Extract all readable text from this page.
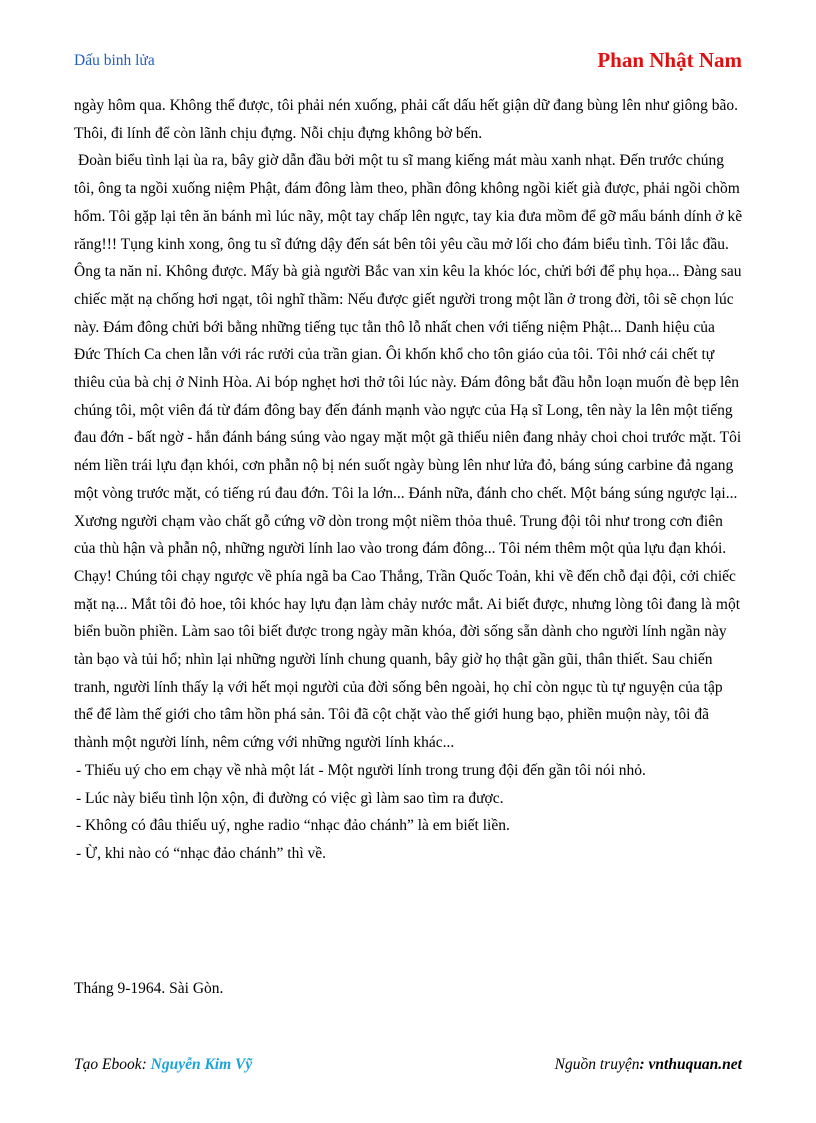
Dấu binh lửa	Phan Nhật Nam

ngày hôm qua. Không thể được, tôi phải nén xuống, phải cất dấu hết giận dữ đang bùng lên như giông bão. Thôi, đi lính để còn lãnh chịu đựng. Nỗi chịu đựng không bờ bến.

Đoàn biểu tình lại ùa ra, bây giờ dẫn đầu bởi một tu sĩ mang kiếng mát màu xanh nhạt. Đến trước chúng tôi, ông ta ngồi xuống niệm Phật, đám đông làm theo, phần đông không ngồi kiết già được, phải ngồi chồm hổm. Tôi gặp lại tên ăn bánh mì lúc nãy, một tay chấp lên ngực, tay kia đưa mồm để gỡ mẩu bánh dính ở kẽ răng!!! Tụng kinh xong, ông tu sĩ đứng dậy đến sát bên tôi yêu cầu mở lối cho đám biểu tình. Tôi lắc đầu. Ông ta năn nỉ. Không được. Mấy bà già người Bắc van xin kêu la khóc lóc, chửi bới để phụ họa... Đàng sau chiếc mặt nạ chống hơi ngạt, tôi nghĩ thầm: Nếu được giết người trong một lần ở trong đời, tôi sẽ chọn lúc này. Đám đông chửi bới bằng những tiếng tục tằn thô lỗ nhất chen với tiếng niệm Phật... Danh hiệu của Đức Thích Ca chen lẫn với rác rưởi của trần gian. Ôi khốn khổ cho tôn giáo của tôi. Tôi nhớ cái chết tự thiêu của bà chị ở Ninh Hòa. Ai bóp nghẹt hơi thở tôi lúc này. Đám đông bắt đầu hỗn loạn muốn đè bẹp lên chúng tôi, một viên đá từ đám đông bay đến đánh mạnh vào ngực của Hạ sĩ Long, tên này la lên một tiếng đau đớn - bất ngờ - hắn đánh báng súng vào ngay mặt một gã thiếu niên đang nhảy choi choi trước mặt. Tôi ném liền trái lựu đạn khói, cơn phẫn nộ bị nén suốt ngày bùng lên như lửa đỏ, báng súng carbine đả ngang một vòng trước mặt, có tiếng rú đau đớn. Tôi la lớn... Đánh nữa, đánh cho chết. Một báng súng ngược lại... Xương người chạm vào chất gỗ cứng vỡ dòn trong một niềm thỏa thuê. Trung đội tôi như trong cơn điên của thù hận và phẫn nộ, những người lính lao vào trong đám đông... Tôi ném thêm một qủa lựu đạn khói. Chạy! Chúng tôi chạy ngược về phía ngã ba Cao Thắng, Trần Quốc Toản, khi về đến chỗ đại đội, cởi chiếc mặt nạ... Mắt tôi đỏ hoe, tôi khóc hay lựu đạn làm chảy nước mắt. Ai biết được, nhưng lòng tôi đang là một biển buồn phiền. Làm sao tôi biết được trong ngày mãn khóa, đời sống sẵn dành cho người lính ngần này tàn bạo và tủi hổ; nhìn lại những người lính chung quanh, bây giờ họ thật gần gũi, thân thiết. Sau chiến tranh, người lính thấy lạ với hết mọi người của đời sống bên ngoài, họ chỉ còn ngục tù tự nguyện của tập thể để làm thế giới cho tâm hồn phá sản. Tôi đã cột chặt vào thế giới hung bạo, phiền muộn này, tôi đã thành một người lính, nêm cứng với những người lính khác...

- Thiếu uý cho em chạy về nhà một lát - Một người lính trong trung đội đến gần tôi nói nhỏ.

- Lúc này biểu tình lộn xộn, đi đường có việc gì làm sao tìm ra được.

- Không có đâu thiếu uý, nghe radio “nhạc đảo chánh” là em biết liền.

- Ừ, khi nào có “nhạc đảo chánh” thì về.

Tháng 9-1964. Sài Gòn.
Tạo Ebook: Nguyễn Kim Vỹ	Nguồn truyện: vnthuquan.net
